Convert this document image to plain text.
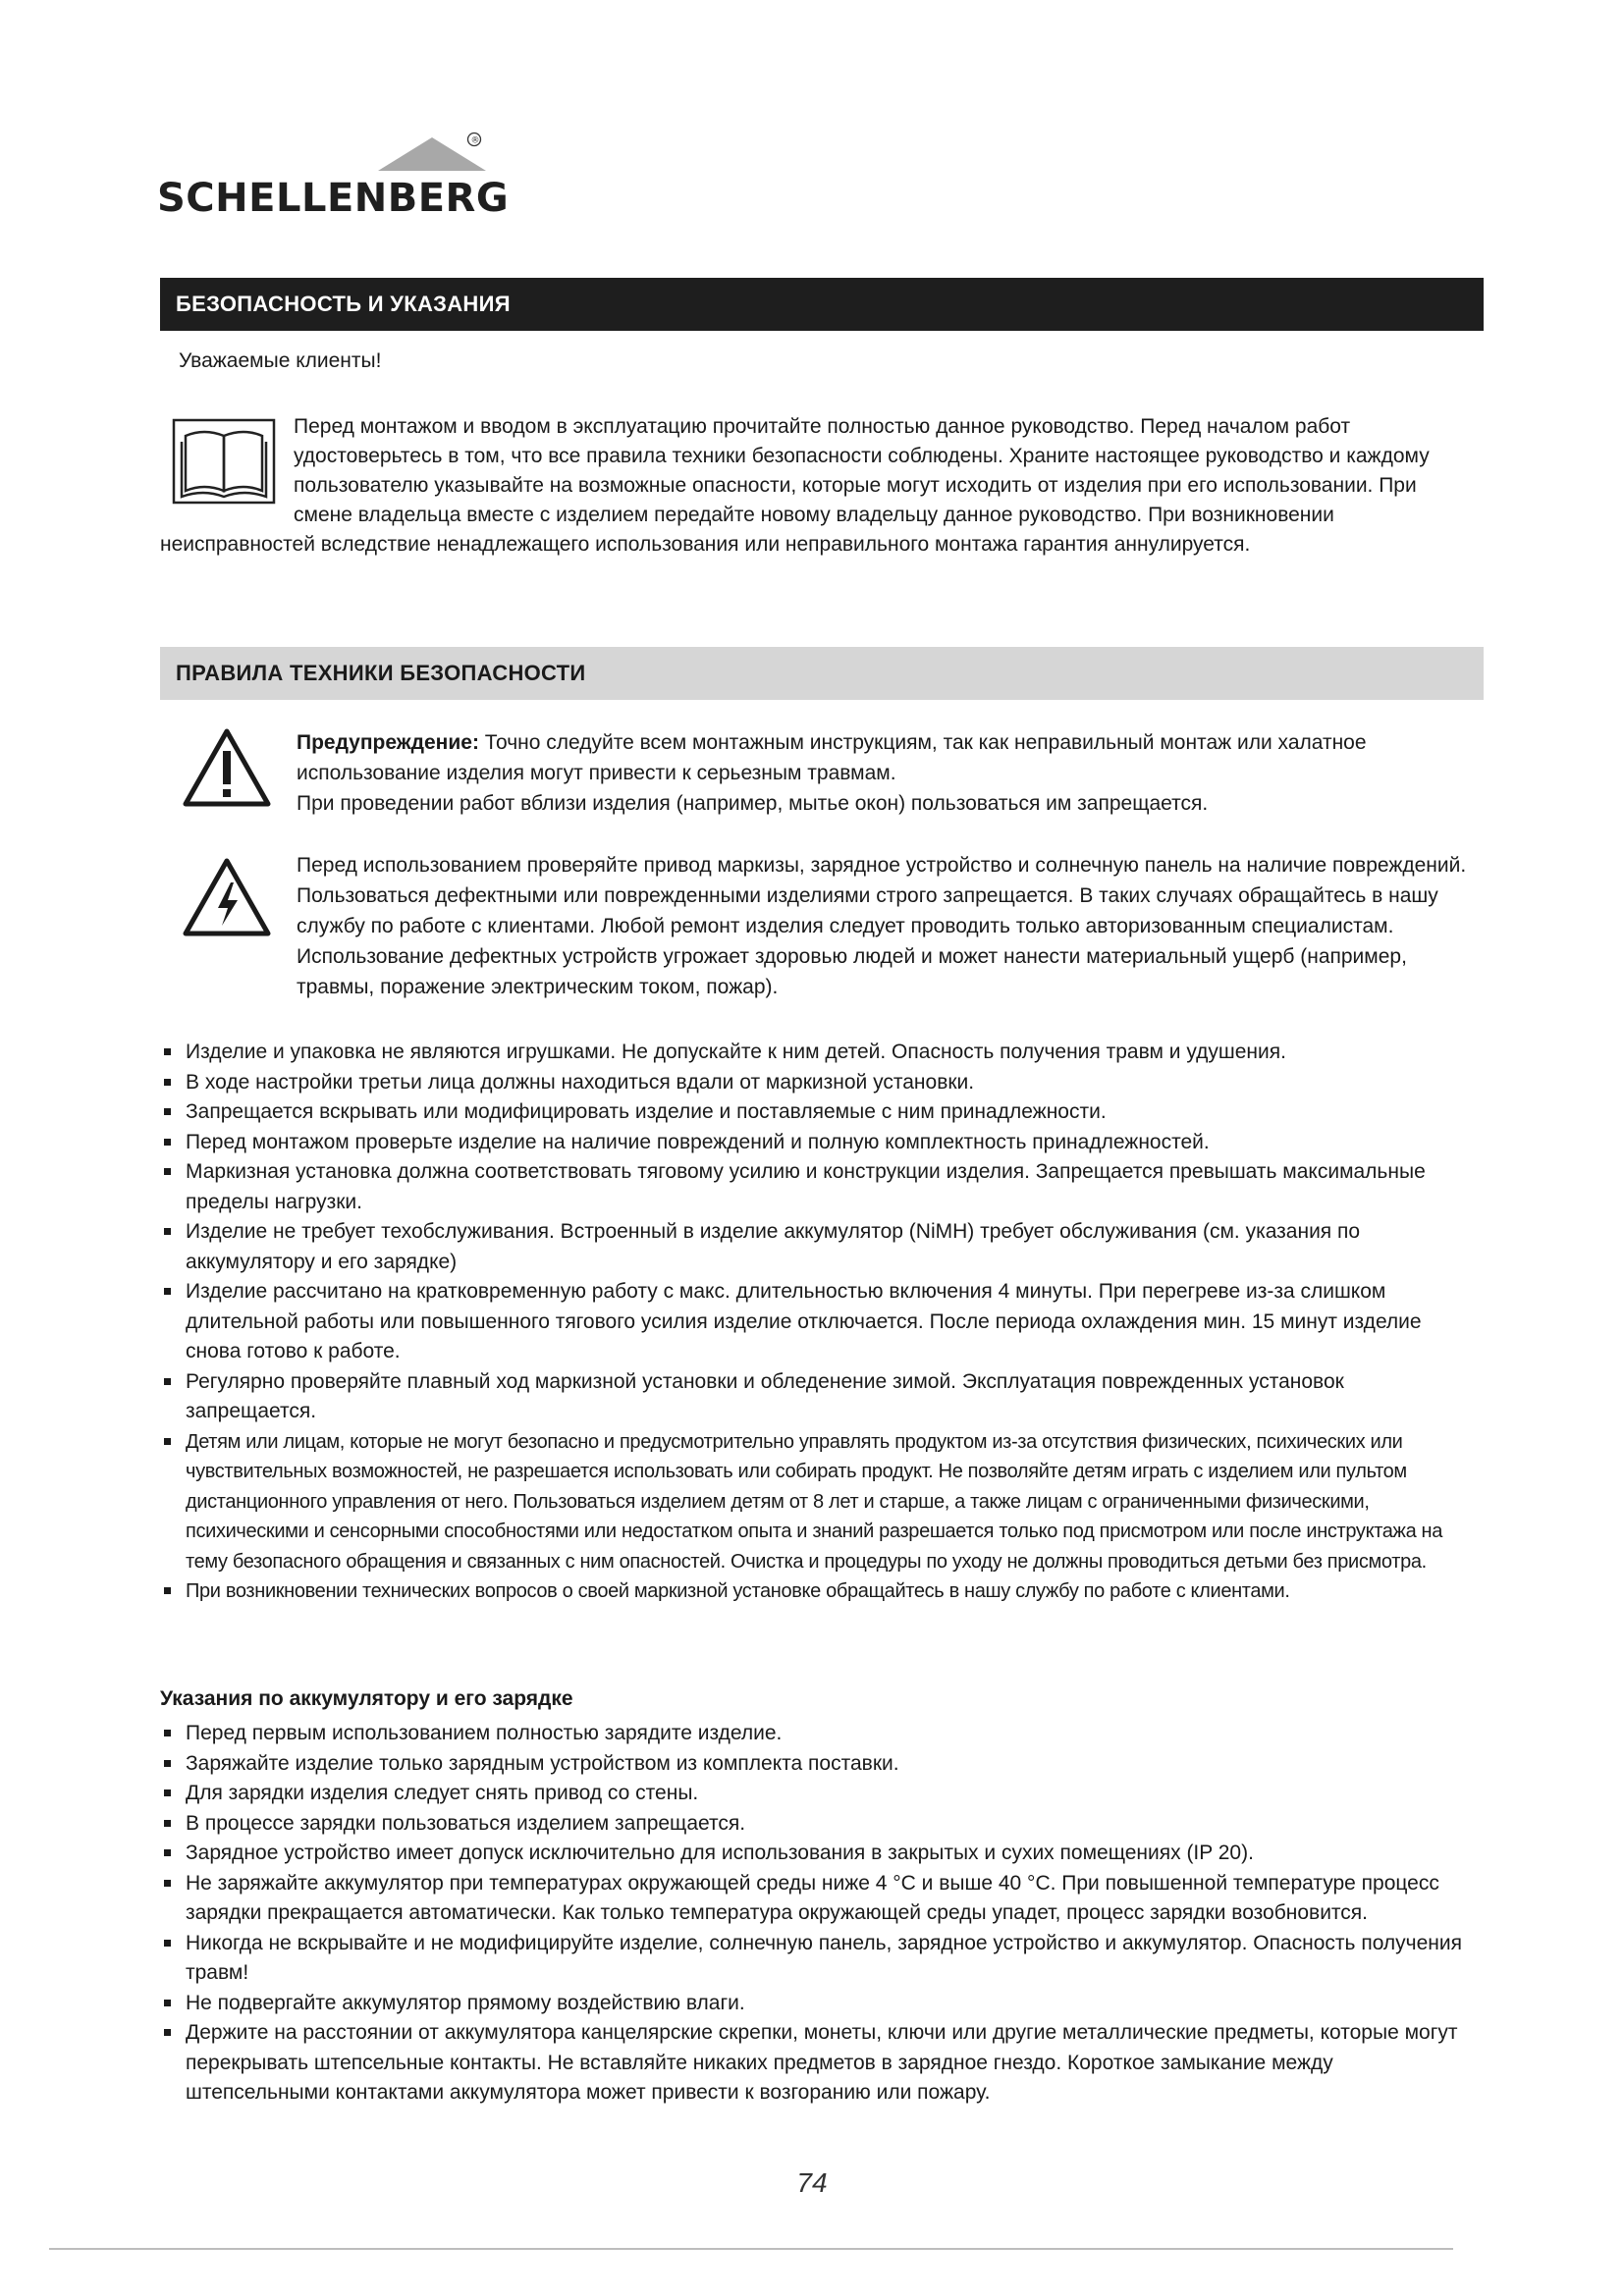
®
SCHELLENBERG
БЕЗОПАСНОСТЬ И УКАЗАНИЯ
Уважаемые клиенты!
Перед монтажом и вводом в эксплуатацию прочитайте полностью данное руководство. Перед началом работ удостоверьтесь в том, что все правила техники безопасности соблюдены. Храните настоящее руководство и каждому пользователю указывайте на возможные опасности, которые могут исходить от изделия при его использовании. При смене владельца вместе с изделием передайте новому владельцу данное руководство. При возникновении неисправностей вследствие ненадлежащего использования или неправильного монтажа гарантия аннулируется.
ПРАВИЛА ТЕХНИКИ БЕЗОПАСНОСТИ
Предупреждение: Точно следуйте всем монтажным инструкциям, так как неправильный монтаж или халатное использование изделия могут привести к серьезным травмам.
При проведении работ вблизи изделия (например, мытье окон) пользоваться им запрещается.
Перед использованием проверяйте привод маркизы, зарядное устройство и солнечную панель на наличие повреждений. Пользоваться дефектными или поврежденными изделиями строго запрещается. В таких случаях обращайтесь в нашу службу по работе с клиентами. Любой ремонт изделия следует проводить только авторизованным специалистам. Использование дефектных устройств угрожает здоровью людей и может нанести материальный ущерб (например, травмы, поражение электрическим током, пожар).
Изделие и упаковка не являются игрушками. Не допускайте к ним детей. Опасность получения травм и удушения.
В ходе настройки третьи лица должны находиться вдали от маркизной установки.
Запрещается вскрывать или модифицировать изделие и поставляемые с ним принадлежности.
Перед монтажом проверьте изделие на наличие повреждений и полную комплектность принадлежностей.
Маркизная установка должна соответствовать тяговому усилию и конструкции изделия. Запрещается превышать максимальные пределы нагрузки.
Изделие не требует техобслуживания. Встроенный в изделие аккумулятор (NiMH) требует обслуживания (см. указания по аккумулятору и его зарядке)
Изделие рассчитано на кратковременную работу с макс. длительностью включения 4 минуты. При перегреве из-за слишком длительной работы или повышенного тягового усилия изделие отключается. После периода охлаждения мин. 15 минут изделие снова готово к работе.
Регулярно проверяйте плавный ход маркизной установки и обледенение зимой. Эксплуатация поврежденных установок запрещается.
Детям или лицам, которые не могут безопасно и предусмотрительно управлять продуктом из-за отсутствия физических, психических или чувствительных возможностей, не разрешается использовать или собирать продукт. Не позволяйте детям играть с изделием или пультом дистанционного управления от него. Пользоваться изделием детям от 8 лет и старше, а также лицам с ограниченными физическими, психическими и сенсорными способностями или недостатком опыта и знаний разрешается только под присмотром или после инструктажа на тему безопасного обращения и связанных с ним опасностей. Очистка и процедуры по уходу не должны проводиться детьми без присмотра.
При возникновении технических вопросов о своей маркизной установке обращайтесь в нашу службу по работе с клиентами.
Указания по аккумулятору и его зарядке
Перед первым использованием полностью зарядите изделие.
Заряжайте изделие только зарядным устройством из комплекта поставки.
Для зарядки изделия следует снять привод со стены.
В процессе зарядки пользоваться изделием запрещается.
Зарядное устройство имеет допуск исключительно для использования в закрытых и сухих помещениях (IP 20).
Не заряжайте аккумулятор при температурах окружающей среды ниже 4 °C и выше 40 °C. При повышенной температуре процесс зарядки прекращается автоматически. Как только температура окружающей среды упадет, процесс зарядки возобновится.
Никогда не вскрывайте и не модифицируйте изделие, солнечную панель, зарядное устройство и аккумулятор. Опасность получения травм!
Не подвергайте аккумулятор прямому воздействию влаги.
Держите на расстоянии от аккумулятора канцелярские скрепки, монеты, ключи или другие металлические предметы, которые могут перекрывать штепсельные контакты. Не вставляйте никаких предметов в зарядное гнездо. Короткое замыкание между штепсельными контактами аккумулятора может привести к возгоранию или пожару.
74
